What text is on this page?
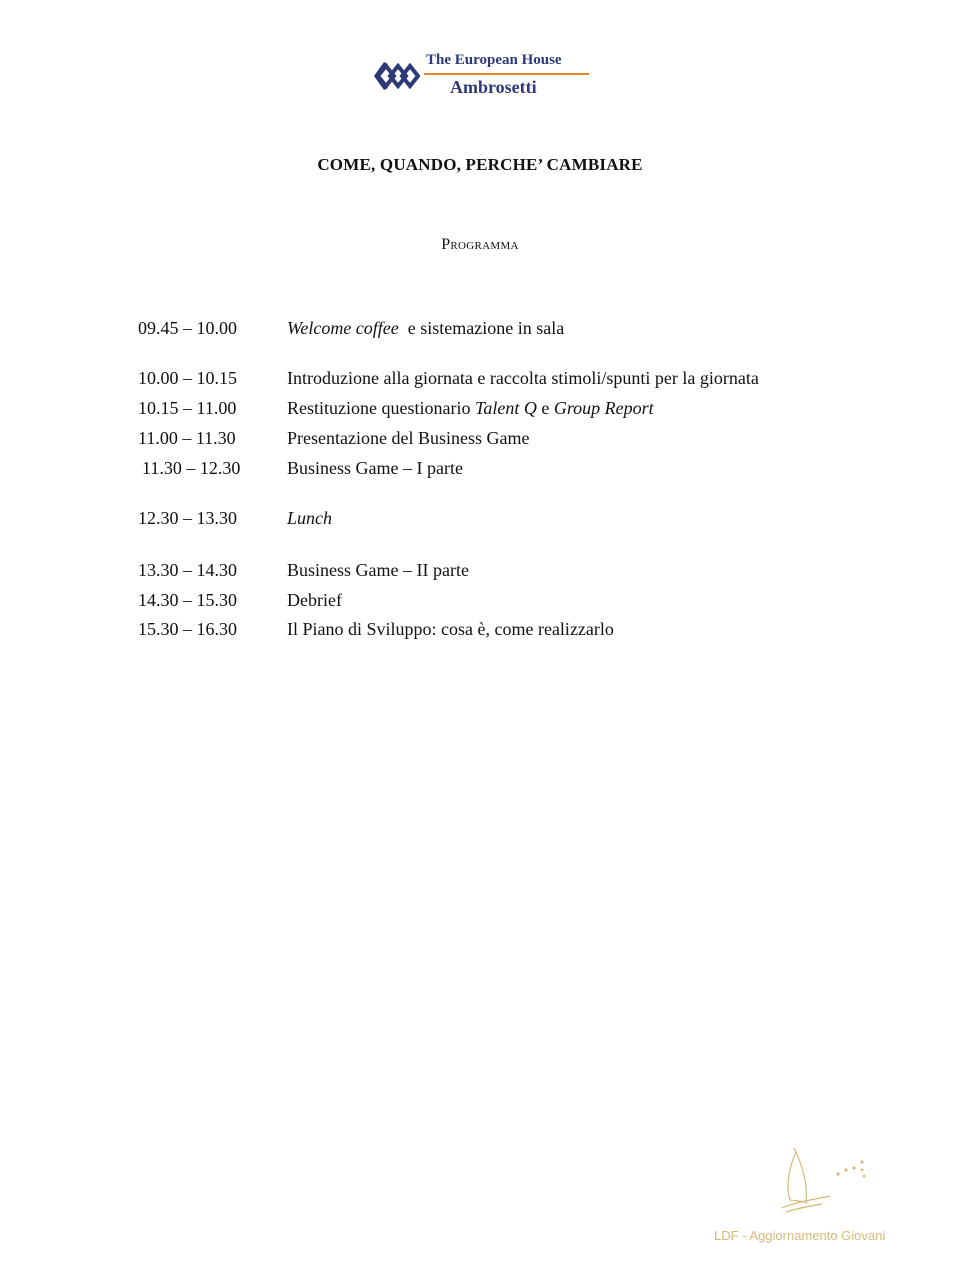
The European House
Ambrosetti
COME, QUANDO, PERCHE’ CAMBIARE
Programma
09.45 – 10.00	Welcome coffee  e sistemazione in sala
10.00 – 10.15	Introduzione alla giornata e raccolta stimoli/spunti per la giornata
10.15 – 11.00	Restituzione questionario Talent Q e Group Report
11.00 – 11.30	Presentazione del Business Game
11.30 – 12.30	Business Game – I parte
12.30 – 13.30	Lunch
13.30 – 14.30	Business Game – II parte
14.30 – 15.30	Debrief
15.30 – 16.30	Il Piano di Sviluppo: cosa è, come realizzarlo
LDF - Aggiornamento Giovani
